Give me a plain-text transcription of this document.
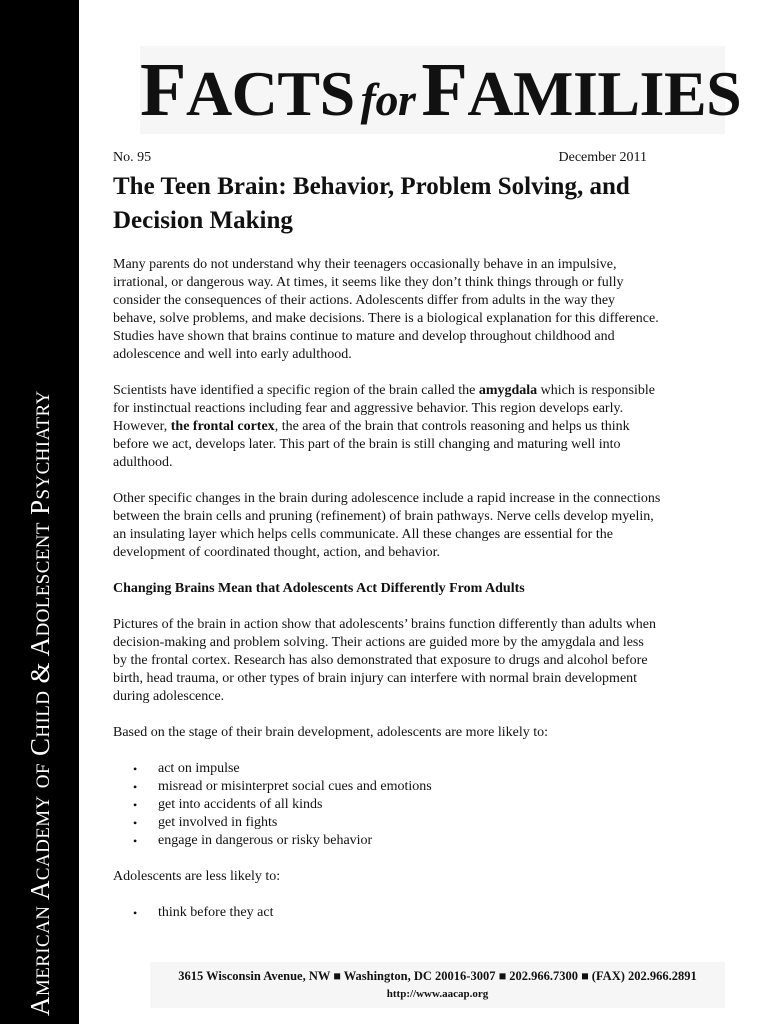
American Academy of Child & Adolescent Psychiatry
FACTS forFAMILIES
No. 95	December 2011
The Teen Brain: Behavior, Problem Solving, and Decision Making

Many parents do not understand why their teenagers occasionally behave in an impulsive, irrational, or dangerous way. At times, it seems like they don’t think things through or fully consider the consequences of their actions. Adolescents differ from adults in the way they behave, solve problems, and make decisions. There is a biological explanation for this difference. Studies have shown that brains continue to mature and develop throughout childhood and adolescence and well into early adulthood.

Scientists have identified a specific region of the brain called the amygdala which is responsible for instinctual reactions including fear and aggressive behavior. This region develops early. However, the frontal cortex, the area of the brain that controls reasoning and helps us think before we act, develops later. This part of the brain is still changing and maturing well into adulthood.

Other specific changes in the brain during adolescence include a rapid increase in the connections between the brain cells and pruning (refinement) of brain pathways. Nerve cells develop myelin, an insulating layer which helps cells communicate. All these changes are essential for the development of coordinated thought, action, and behavior.

Changing Brains Mean that Adolescents Act Differently From Adults

Pictures of the brain in action show that adolescents’ brains function differently than adults when decision-making and problem solving. Their actions are guided more by the amygdala and less by the frontal cortex. Research has also demonstrated that exposure to drugs and alcohol before birth, head trauma, or other types of brain injury can interfere with normal brain development during adolescence.

Based on the stage of their brain development, adolescents are more likely to:

• act on impulse
• misread or misinterpret social cues and emotions
• get into accidents of all kinds
• get involved in fights
• engage in dangerous or risky behavior

Adolescents are less likely to:

• think before they act
3615 Wisconsin Avenue, NW ■ Washington, DC 20016-3007 ■ 202.966.7300 ■ (FAX) 202.966.2891
http://www.aacap.org
